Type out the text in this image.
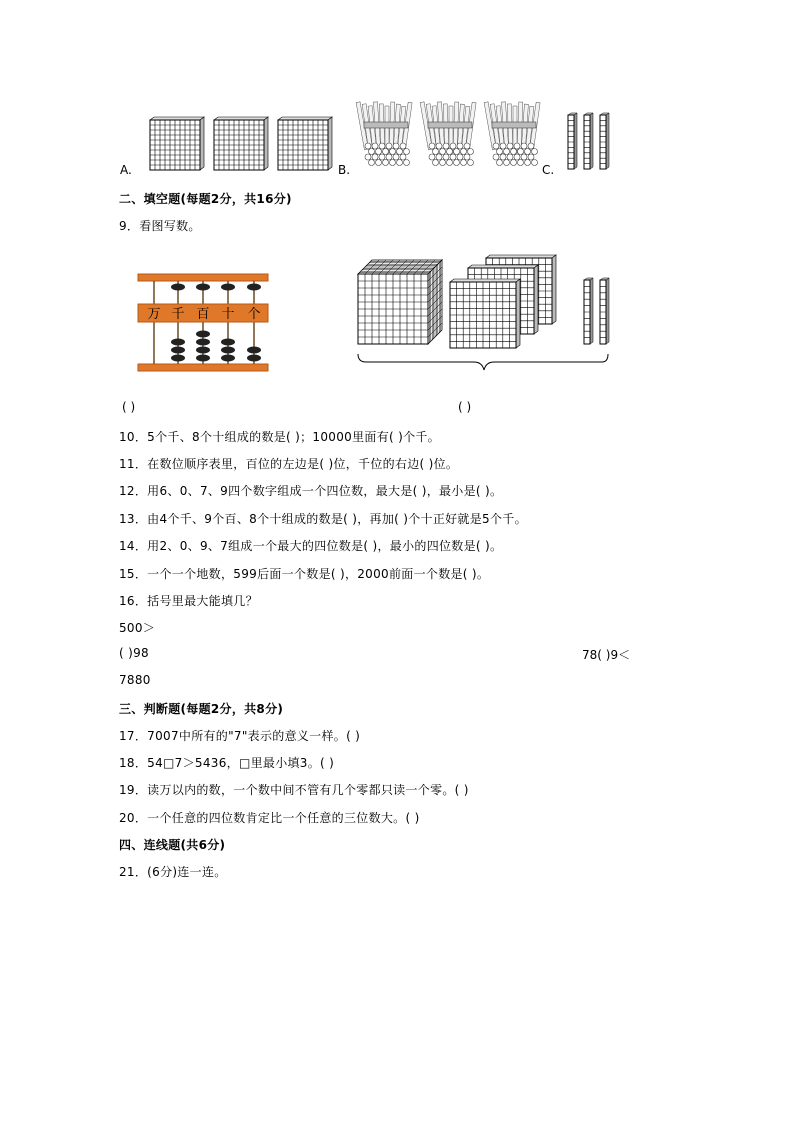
A.	B.	C.
二、填空题(每题2分，共16分)
9．看图写数。
万 千 百 十 个
( )	( )
10．5个千、8个十组成的数是( )；10000里面有( )个千。
11．在数位顺序表里，百位的左边是( )位，千位的右边( )位。
12．用6、0、7、9四个数字组成一个四位数，最大是( )，最小是( )。
13．由4个千、9个百、8个十组成的数是( )，再加( )个十正好就是5个千。
14．用2、0、9、7组成一个最大的四位数是( )，最小的四位数是( )。
15．一个一个地数，599后面一个数是( )，2000前面一个数是( )。
16．括号里最大能填几？
500＞
( )98	78( )9＜
7880
三、判断题(每题2分，共8分)
17．7007中所有的"7"表示的意义一样。( )
18．54□7＞5436，□里最小填3。( )
19．读万以内的数，一个数中间不管有几个零都只读一个零。( )
20．一个任意的四位数肯定比一个任意的三位数大。( )
四、连线题(共6分)
21．(6分)连一连。
